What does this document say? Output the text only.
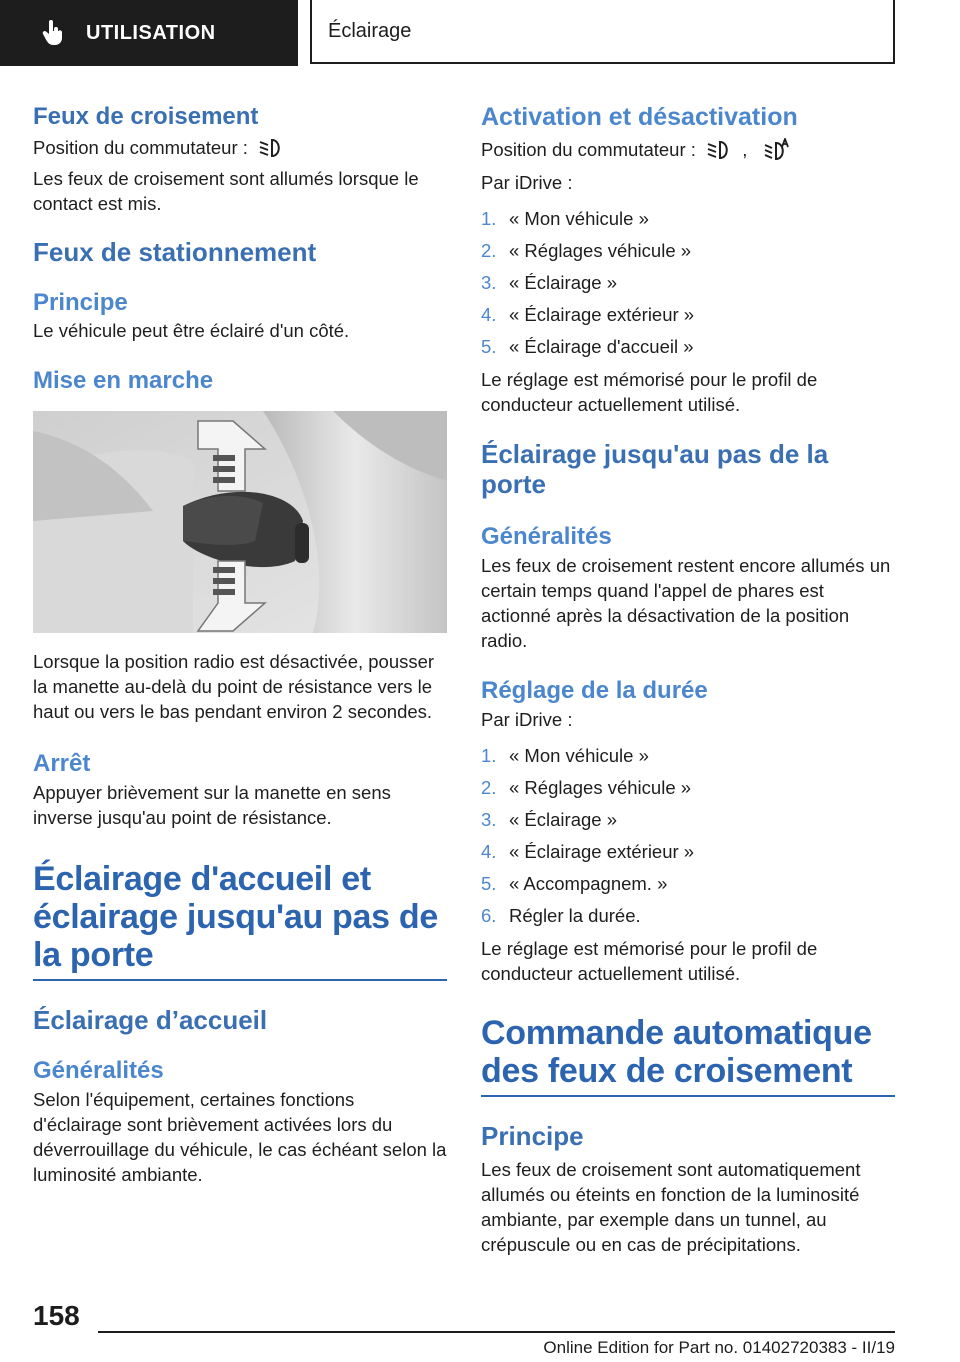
UTILISATION	Éclairage
Feux de croisement

Position du commutateur :

Les feux de croisement sont allumés lorsque le contact est mis.

Feux de stationnement
Principe

Le véhicule peut être éclairé d'un côté.

Mise en marche

Lorsque la position radio est désactivée, pousser la manette au-delà du point de résistance vers le haut ou vers le bas pendant environ 2 secondes.

Arrêt

Appuyer brièvement sur la manette en sens inverse jusqu'au point de résistance.

Éclairage d'accueil et éclairage jusqu'au pas de la porte
Éclairage d’accueil
Généralités

Selon l'équipement, certaines fonctions d'éclairage sont brièvement activées lors du déverrouillage du véhicule, le cas échéant selon la luminosité ambiante.

Activation et désactivation

Position du commutateur :	,

Par iDrive :

1. « Mon véhicule »
2. « Réglages véhicule »
3. « Éclairage »
4. « Éclairage extérieur »
5. « Éclairage d'accueil »

Le réglage est mémorisé pour le profil de conducteur actuellement utilisé.

Éclairage jusqu'au pas de la porte
Généralités

Les feux de croisement restent encore allumés un certain temps quand l'appel de phares est actionné après la désactivation de la position radio.

Réglage de la durée

Par iDrive :

1. « Mon véhicule »
2. « Réglages véhicule »
3. « Éclairage »
4. « Éclairage extérieur »
5. « Accompagnem. »
6. Régler la durée.

Le réglage est mémorisé pour le profil de conducteur actuellement utilisé.

Commande automatique des feux de croisement
Principe

Les feux de croisement sont automatiquement allumés ou éteints en fonction de la luminosité ambiante, par exemple dans un tunnel, au crépuscule ou en cas de précipitations.

158
Online Edition for Part no. 01402720383 - II/19
